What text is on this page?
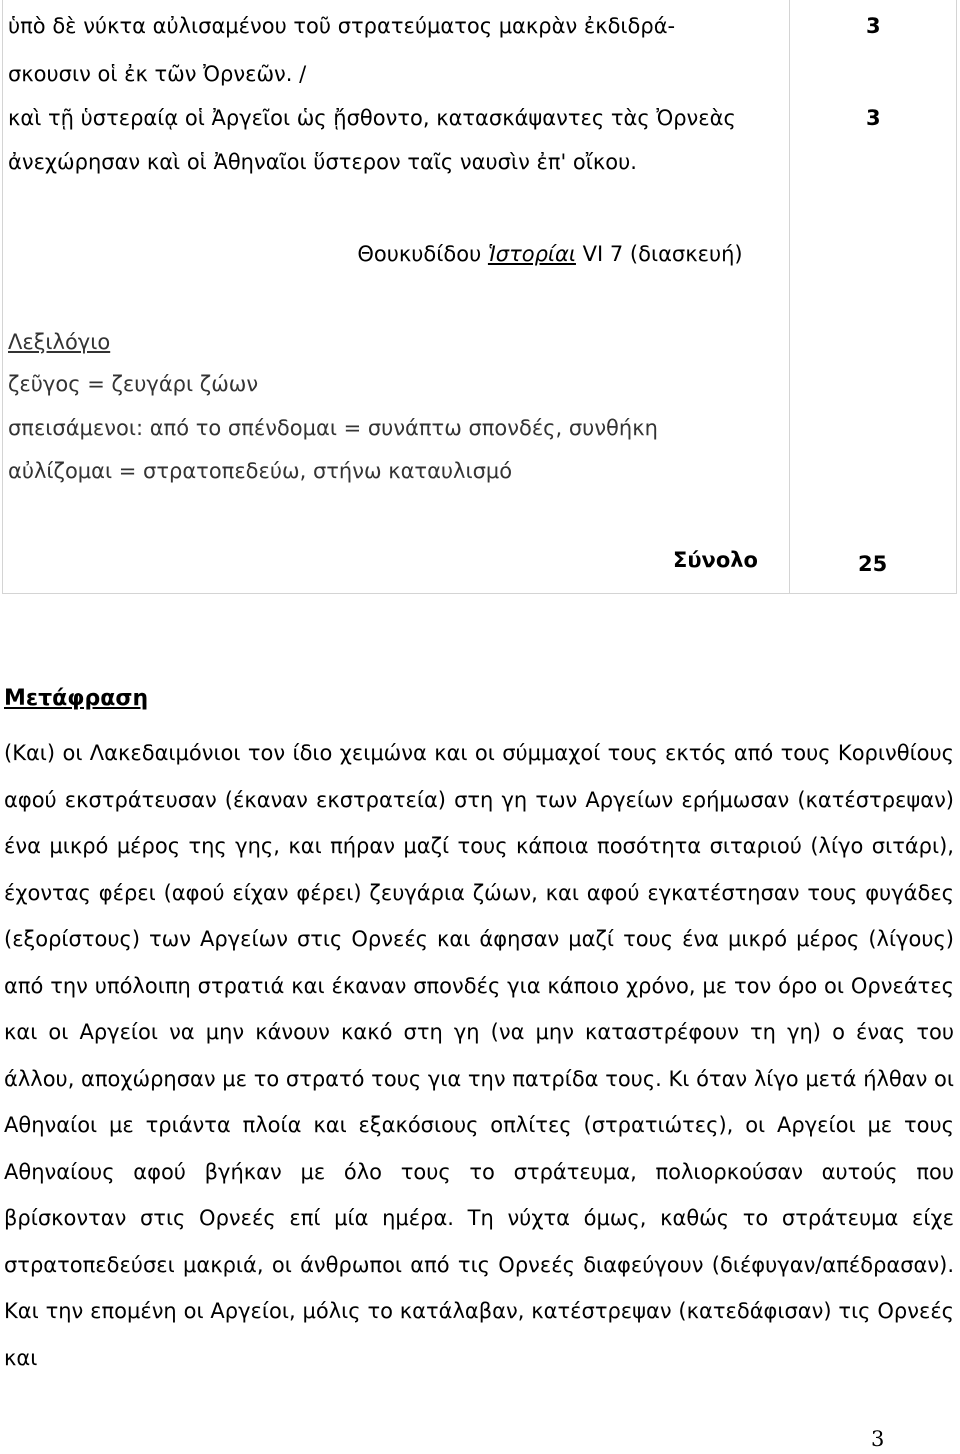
ὑπὸ δὲ νύκτα αὐλισαμένου τοῦ στρατεύματος μακρὰν ἐκδιδρά-
σκουσιν οἱ ἐκ τῶν Ὀρνεῶν. /
καὶ τῇ ὑστεραίᾳ οἱ Ἀργεῖοι ὡς ᾔσθοντο, κατασκάψαντες τὰς Ὀρνεὰς
ἀνεχώρησαν καὶ οἱ Ἀθηναῖοι ὕστερον ταῖς ναυσὶν ἐπ' οἴκου.
3
3
Θουκυδίδου Ἱστορίαι VI 7 (διασκευή)
Λεξιλόγιο
ζεῦγος = ζευγάρι ζώων
σπεισάμενοι: από το σπένδομαι = συνάπτω σπονδές, συνθήκη
αὐλίζομαι = στρατοπεδεύω, στήνω καταυλισμό
Σύνολο	25
Μετάφραση
(Και) οι Λακεδαιμόνιοι τον ίδιο χειμώνα και οι σύμμαχοί τους εκτός από τους Κορινθίους αφού εκστράτευσαν (έκαναν εκστρατεία) στη γη των Αργείων ερήμωσαν (κατέστρεψαν) ένα μικρό μέρος της γης, και πήραν μαζί τους κάποια ποσότητα σιταριού (λίγο σιτάρι), έχοντας φέρει (αφού είχαν φέρει) ζευγάρια ζώων, και αφού εγκατέστησαν τους φυγάδες (εξορίστους) των Αργείων στις Ορνεές και άφησαν μαζί τους ένα μικρό μέρος (λίγους) από την υπόλοιπη στρατιά και έκαναν σπονδές για κάποιο χρόνο, με τον όρο οι Ορνεάτες και οι Αργείοι να μην κάνουν κακό στη γη (να μην καταστρέφουν τη γη) ο ένας του άλλου, αποχώρησαν με το στρατό τους για την πατρίδα τους. Κι όταν λίγο μετά ήλθαν οι Αθηναίοι με τριάντα πλοία και εξακόσιους οπλίτες (στρατιώτες), οι Αργείοι με τους Αθηναίους αφού βγήκαν με όλο τους το στράτευμα, πολιορκούσαν αυτούς που βρίσκονταν στις Ορνεές επί μία ημέρα. Τη νύχτα όμως, καθώς το στράτευμα είχε στρατοπεδεύσει μακριά, οι άνθρωποι από τις Ορνεές διαφεύγουν (διέφυγαν/απέδρασαν). Και την επομένη οι Αργείοι, μόλις το κατάλαβαν, κατέστρεψαν (κατεδάφισαν) τις Ορνεές και
3
